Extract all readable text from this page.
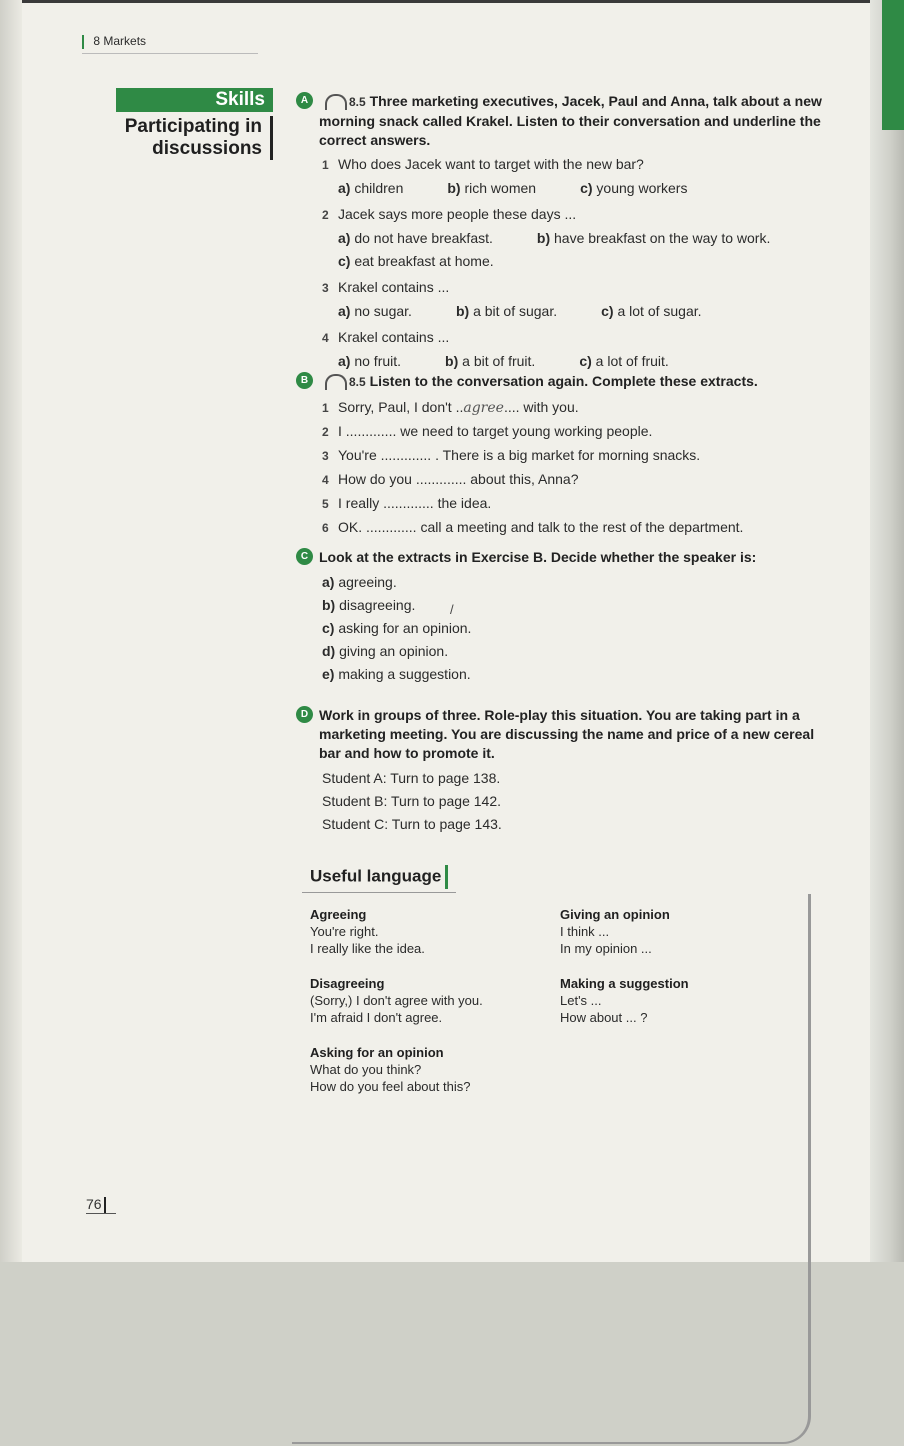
8 Markets
Skills
Participating in
discussions
A	8.5 Three marketing executives, Jacek, Paul and Anna, talk about a new morning snack called Krakel. Listen to their conversation and underline the correct answers.
1 Who does Jacek want to target with the new bar?
a) children	b) rich women	c) young workers
2 Jacek says more people these days ...
a) do not have breakfast.	b) have breakfast on the way to work.
c) eat breakfast at home.
3 Krakel contains ...
a) no sugar.	b) a bit of sugar.	c) a lot of sugar.
4 Krakel contains ...
a) no fruit.	b) a bit of fruit.	c) a lot of fruit.
B	8.5 Listen to the conversation again. Complete these extracts.
1 Sorry, Paul, I don't ..agree.... with you.
2 I ............. we need to target young working people.
3 You're ............. . There is a big market for morning snacks.
4 How do you ............. about this, Anna?
5 I really ............. the idea.
6 OK. ............. call a meeting and talk to the rest of the department.
C Look at the extracts in Exercise B. Decide whether the speaker is:
a) agreeing.
b) disagreeing.
c) asking for an opinion.
d) giving an opinion.
e) making a suggestion.
/
D Work in groups of three. Role-play this situation. You are taking part in a marketing meeting. You are discussing the name and price of a new cereal bar and how to promote it.
Student A: Turn to page 138.
Student B: Turn to page 142.
Student C: Turn to page 143.
Useful language
Agreeing

You're right.

I really like the idea.

Disagreeing

(Sorry,) I don't agree with you.

I'm afraid I don't agree.

Asking for an opinion

What do you think?

How do you feel about this?

Giving an opinion

I think ...

In my opinion ...

Making a suggestion

Let's ...

How about ... ?

76
